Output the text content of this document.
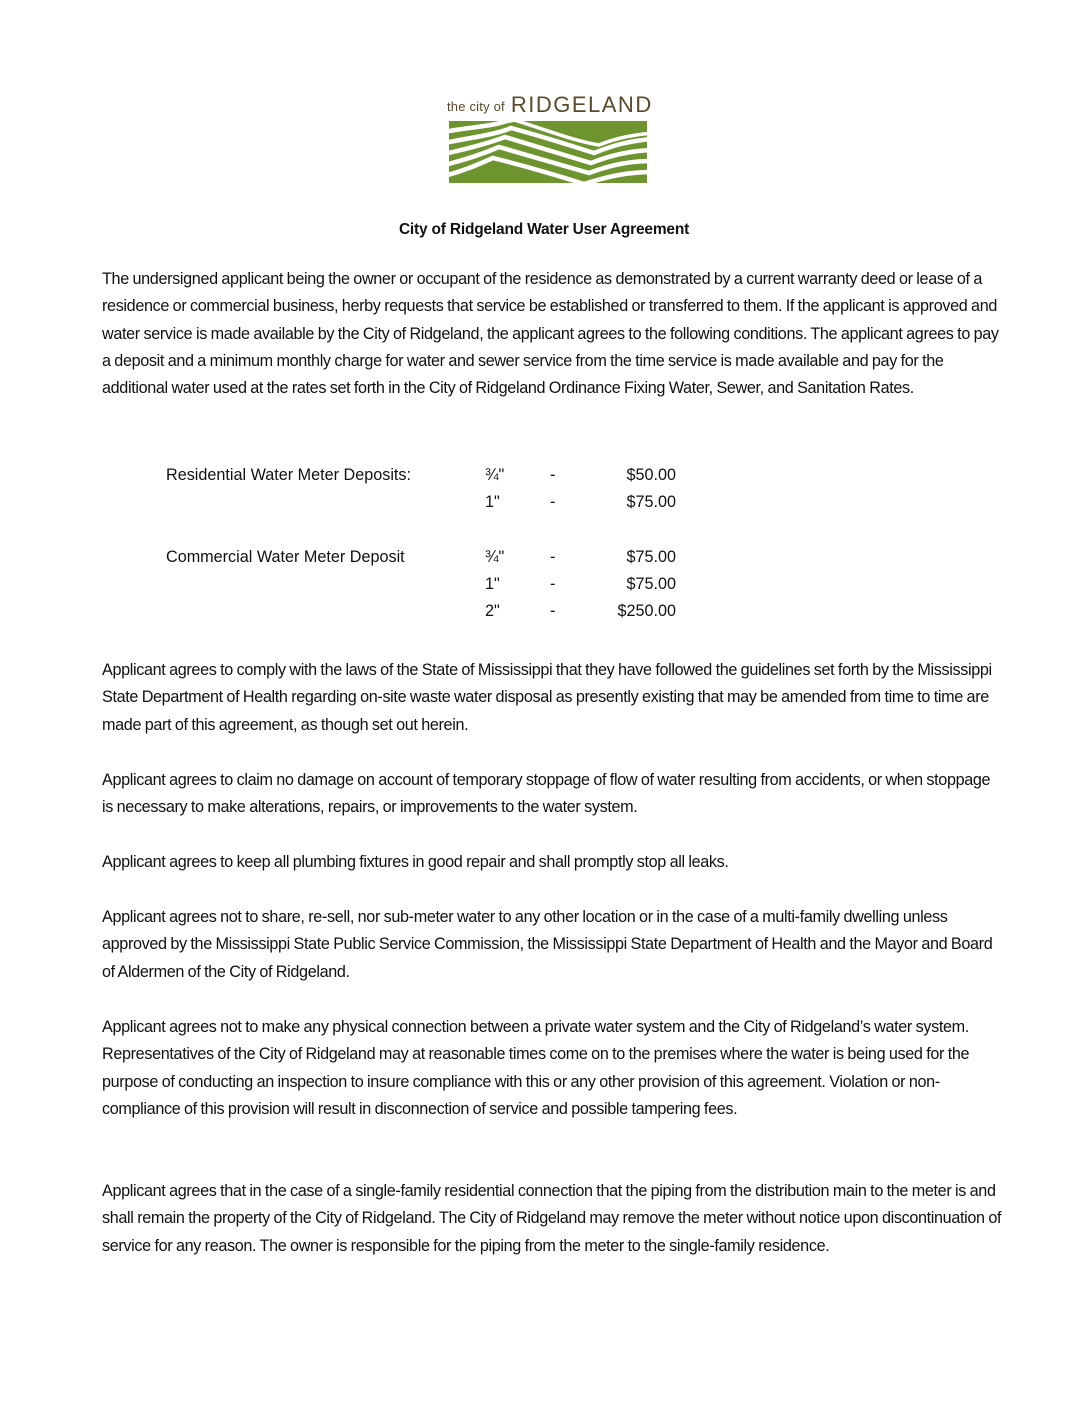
the city of RIDGELAND
City of Ridgeland Water User Agreement

The undersigned applicant being the owner or occupant of the residence as demonstrated by a current warranty deed or lease of a residence or commercial business, herby requests that service be established or transferred to them. If the applicant is approved and water service is made available by the City of Ridgeland, the applicant agrees to the following conditions. The applicant agrees to pay a deposit and a minimum monthly charge for water and sewer service from the time service is made available and pay for the additional water used at the rates set forth in the City of Ridgeland Ordinance Fixing Water, Sewer, and Sanitation Rates.

Residential Water Meter Deposits:	¾"	-	$50.00
1"	-	$75.00
Commercial Water Meter Deposit	¾"	-	$75.00
1"	-	$75.00
2"	-	$250.00

Applicant agrees to comply with the laws of the State of Mississippi that they have followed the guidelines set forth by the Mississippi State Department of Health regarding on-site waste water disposal as presently existing that may be amended from time to time are made part of this agreement, as though set out herein.

Applicant agrees to claim no damage on account of temporary stoppage of flow of water resulting from accidents, or when stoppage is necessary to make alterations, repairs, or improvements to the water system.

Applicant agrees to keep all plumbing fixtures in good repair and shall promptly stop all leaks.

Applicant agrees not to share, re-sell, nor sub-meter water to any other location or in the case of a multi-family dwelling unless approved by the Mississippi State Public Service Commission, the Mississippi State Department of Health and the Mayor and Board of Aldermen of the City of Ridgeland.

Applicant agrees not to make any physical connection between a private water system and the City of Ridgeland’s water system. Representatives of the City of Ridgeland may at reasonable times come on to the premises where the water is being used for the purpose of conducting an inspection to insure compliance with this or any other provision of this agreement. Violation or non-compliance of this provision will result in disconnection of service and possible tampering fees.

Applicant agrees that in the case of a single-family residential connection that the piping from the distribution main to the meter is and shall remain the property of the City of Ridgeland. The City of Ridgeland may remove the meter without notice upon discontinuation of service for any reason. The owner is responsible for the piping from the meter to the single-family residence.
